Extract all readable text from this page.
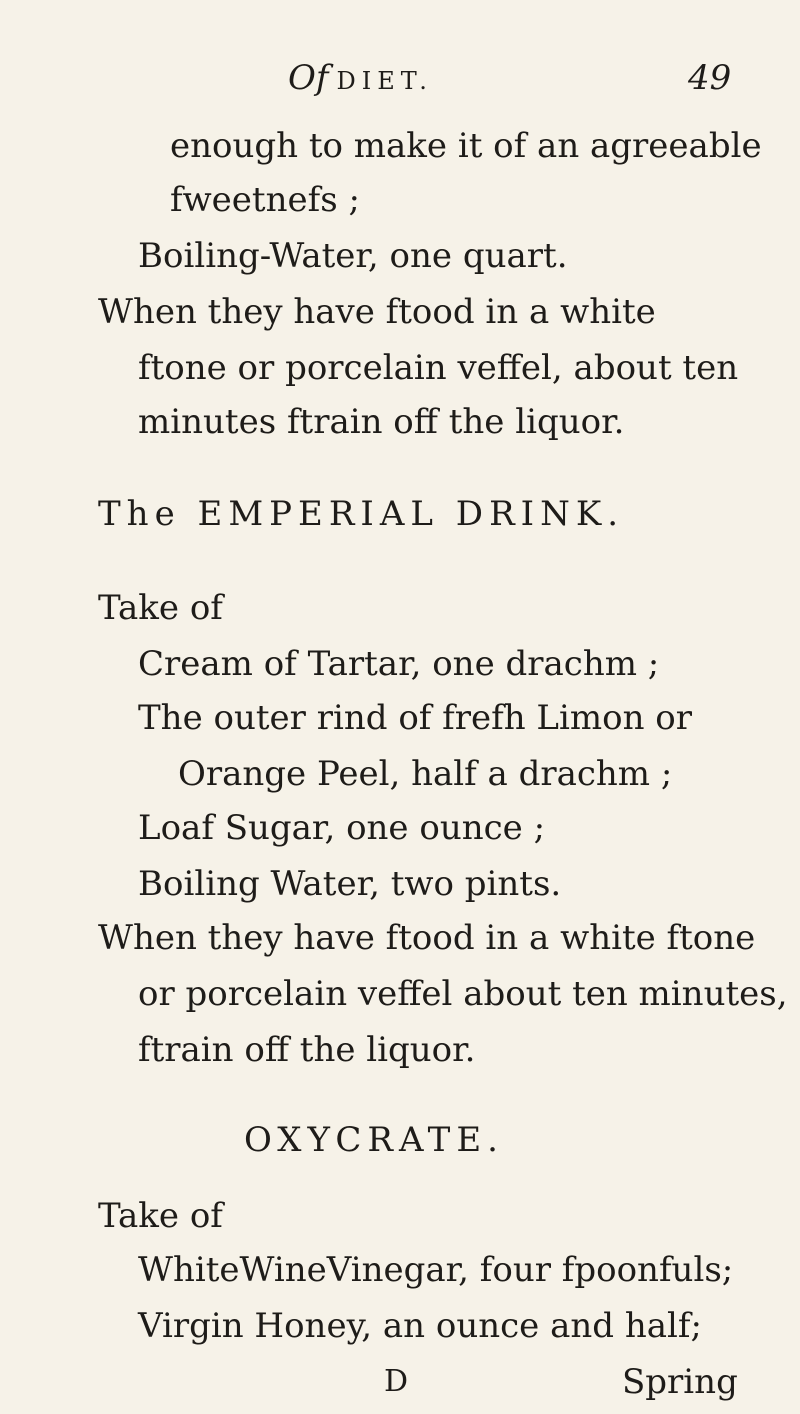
Of DIET.	49
enough to make it of an agreeable
fweetnefs ;
Boiling-Water, one quart.
When they have ftood in a white
ftone or porcelain veffel, about ten
minutes ftrain off the liquor.
The EMPERIAL DRINK.
Take of
Cream of Tartar, one drachm ;
The outer rind of frefh Limon or
Orange Peel, half a drachm ;
Loaf Sugar, one ounce ;
Boiling Water, two pints.
When they have ftood in a white ftone
or porcelain veffel about ten minutes,
ftrain off the liquor.
OXYCRATE.
Take of
WhiteWineVinegar, four fpoonfuls;
Virgin Honey, an ounce and half;
D	Spring
